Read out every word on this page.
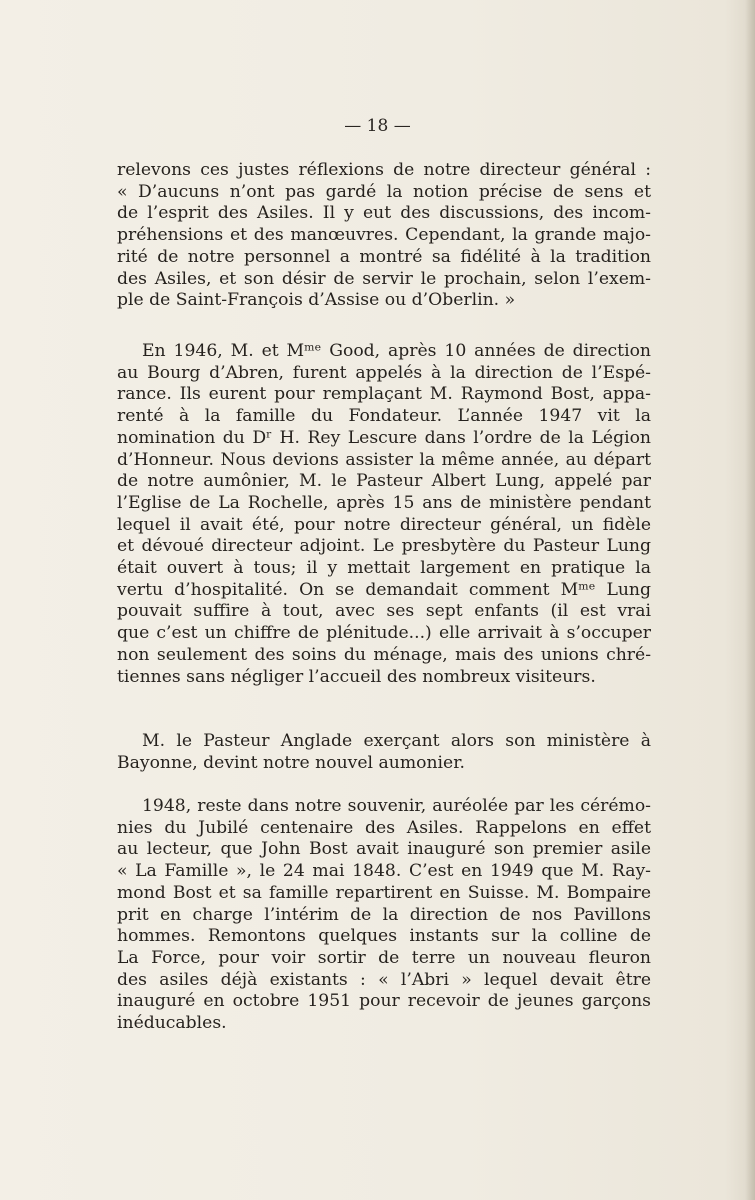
— 18 —
relevons ces justes réflexions de notre directeur général :
« D’aucuns n’ont pas gardé la notion précise de sens et
de l’esprit des Asiles. Il y eut des discussions, des incom-
préhensions et des manœuvres. Cependant, la grande majo-
rité de notre personnel a montré sa fidélité à la tradition
des Asiles, et son désir de servir le prochain, selon l’exem-
ple de Saint-François d’Assise ou d’Oberlin. »
En 1946, M. et Mᵐᵉ Good, après 10 années de direction
au Bourg d’Abren, furent appelés à la direction de l’Espé-
rance. Ils eurent pour remplaçant M. Raymond Bost, appa-
renté à la famille du Fondateur. L’année 1947 vit la
nomination du Dʳ H. Rey Lescure dans l’ordre de la Légion
d’Honneur. Nous devions assister la même année, au départ
de notre aumônier, M. le Pasteur Albert Lung, appelé par
l’Eglise de La Rochelle, après 15 ans de ministère pendant
lequel il avait été, pour notre directeur général, un fidèle
et dévoué directeur adjoint. Le presbytère du Pasteur Lung
était ouvert à tous; il y mettait largement en pratique la
vertu d’hospitalité. On se demandait comment Mᵐᵉ Lung
pouvait suffire à tout, avec ses sept enfants (il est vrai
que c’est un chiffre de plénitude...) elle arrivait à s’occuper
non seulement des soins du ménage, mais des unions chré-
tiennes sans négliger l’accueil des nombreux visiteurs.
M. le Pasteur Anglade exerçant alors son ministère à
Bayonne, devint notre nouvel aumonier.
1948, reste dans notre souvenir, auréolée par les cérémo-
nies du Jubilé centenaire des Asiles. Rappelons en effet
au lecteur, que John Bost avait inauguré son premier asile
« La Famille », le 24 mai 1848. C’est en 1949 que M. Ray-
mond Bost et sa famille repartirent en Suisse. M. Bompaire
prit en charge l’intérim de la direction de nos Pavillons
hommes. Remontons quelques instants sur la colline de
La Force, pour voir sortir de terre un nouveau fleuron
des asiles déjà existants : « l’Abri » lequel devait être
inauguré en octobre 1951 pour recevoir de jeunes garçons
inéducables.
